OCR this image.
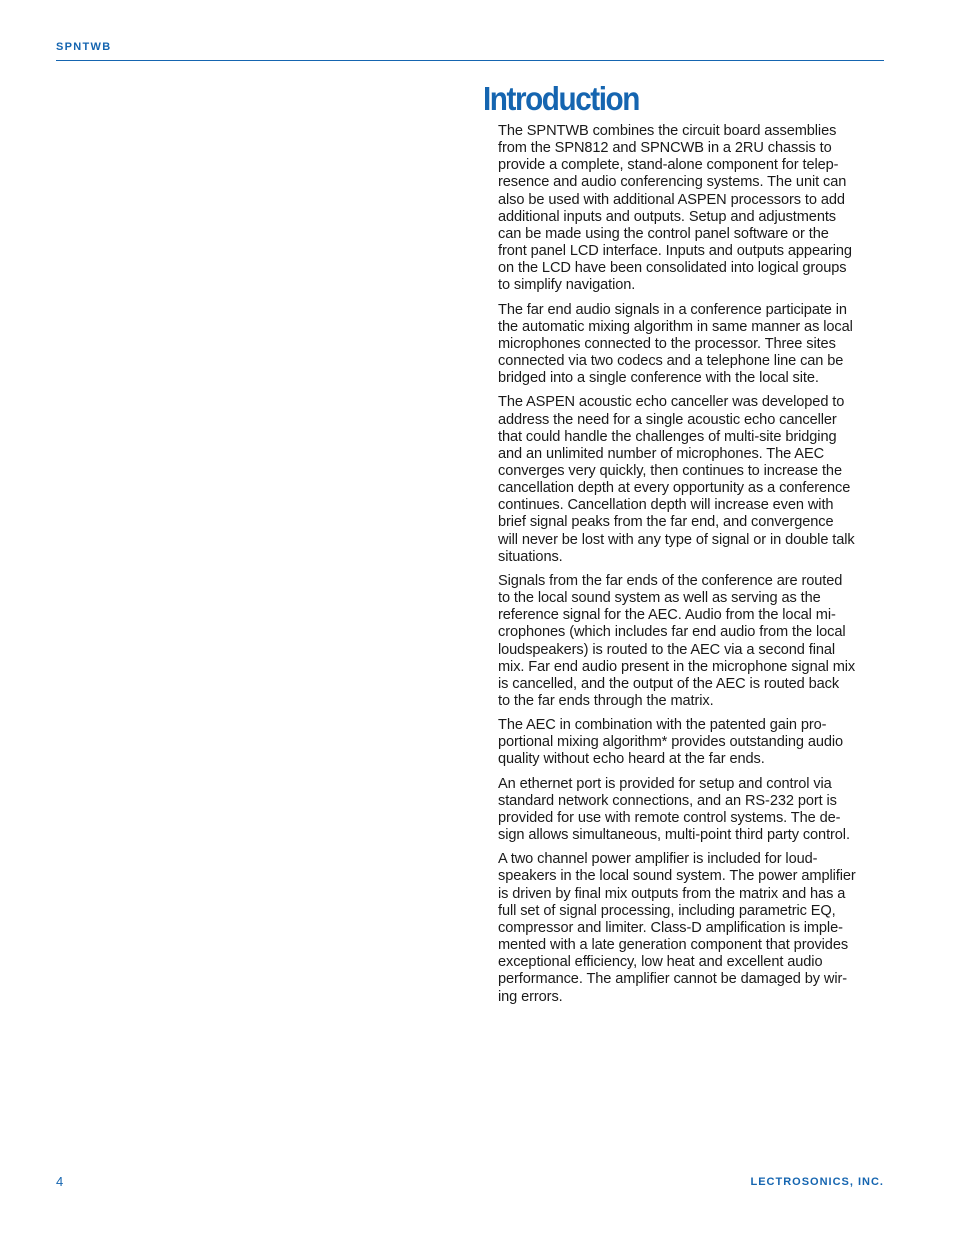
SPNTWB
Introduction

The SPNTWB combines the circuit board assemblies
from the SPN812 and SPNCWB in a 2RU chassis to
provide a complete, stand-alone component for telep-
resence and audio conferencing systems. The unit can
also be used with additional ASPEN processors to add
additional inputs and outputs. Setup and adjustments
can be made using the control panel software or the
front panel LCD interface. Inputs and outputs appearing
on the LCD have been consolidated into logical groups
to simplify navigation.

The far end audio signals in a conference participate in
the automatic mixing algorithm in same manner as local
microphones connected to the processor. Three sites
connected via two codecs and a telephone line can be
bridged into a single conference with the local site.

The ASPEN acoustic echo canceller was developed to
address the need for a single acoustic echo canceller
that could handle the challenges of multi-site bridging
and an unlimited number of microphones. The AEC
converges very quickly, then continues to increase the
cancellation depth at every opportunity as a conference
continues. Cancellation depth will increase even with
brief signal peaks from the far end, and convergence
will never be lost with any type of signal or in double talk
situations.

Signals from the far ends of the conference are routed
to the local sound system as well as serving as the
reference signal for the AEC. Audio from the local mi-
crophones (which includes far end audio from the local
loudspeakers) is routed to the AEC via a second final
mix. Far end audio present in the microphone signal mix
is cancelled, and the output of the AEC is routed back
to the far ends through the matrix.

The AEC in combination with the patented gain pro-
portional mixing algorithm* provides outstanding audio
quality without echo heard at the far ends.

An ethernet port is provided for setup and control via
standard network connections, and an RS-232 port is
provided for use with remote control systems. The de-
sign allows simultaneous, multi-point third party control.

A two channel power amplifier is included for loud-
speakers in the local sound system. The power amplifier
is driven by final mix outputs from the matrix and has a
full set of signal processing, including parametric EQ,
compressor and limiter. Class-D amplification is imple-
mented with a late generation component that provides
exceptional efficiency, low heat and excellent audio
performance. The amplifier cannot be damaged by wir-
ing errors.

4	LECTROSONICS, INC.
